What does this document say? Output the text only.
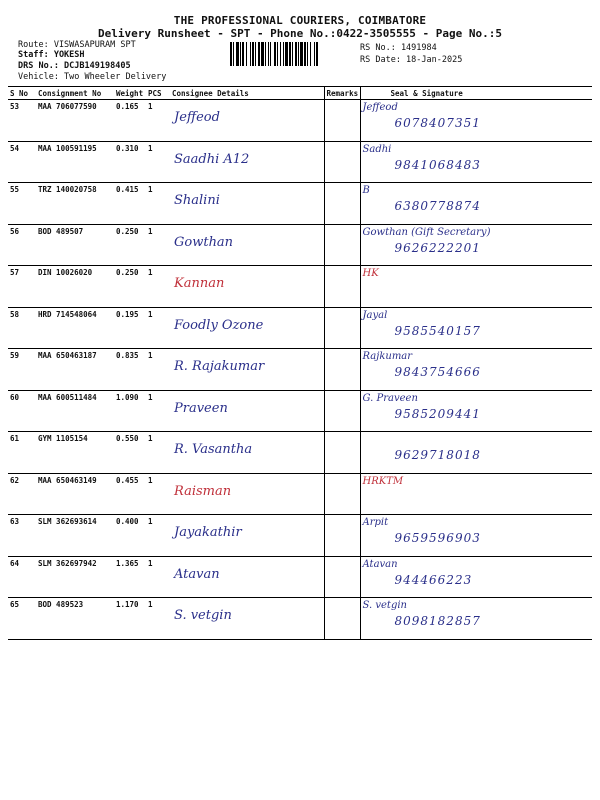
THE PROFESSIONAL COURIERS, COIMBATORE
Delivery Runsheet - SPT - Phone No.:0422-3505555 - Page No.:5
Route: VISWASAPURAM SPT
Staff: YOKESH
DRS No.: DCJB149198405
Vehicle: Two Wheeler Delivery
RS No.: 1491984
RS Date: 18-Jan-2025
S No	Consignment No	Weight	PCS	Consignee Details	Remarks	Seal & Signature
53	MAA 706077590	0.165	1	Jeffeod		Jeffeod
6078407351

54	MAA 100591195	0.310	1	Saadhi A12		Sadhi
9841068483

55	TRZ 140020758	0.415	1	Shalini		B
6380778874

56	BOD 489507	0.250	1	Gowthan		Gowthan (Gift Secretary)
9626222201

57	DIN 10026020	0.250	1	Kannan		HK

58	HRD 714548064	0.195	1	Foodly Ozone		Jayal
9585540157

59	MAA 650463187	0.835	1	R. Rajakumar		Rajkumar
9843754666

60	MAA 600511484	1.090	1	Praveen		G. Praveen
9585209441

61	GYM 1105154	0.550	1	R. Vasantha		9629718018

62	MAA 650463149	0.455	1	Raisman		HRKTM

63	SLM 362693614	0.400	1	Jayakathir		Arpit
9659596903

64	SLM 362697942	1.365	1	Atavan		Atavan
944466223

65	BOD 489523	1.170	1	S. vetgin		S. vetgin
8098182857
